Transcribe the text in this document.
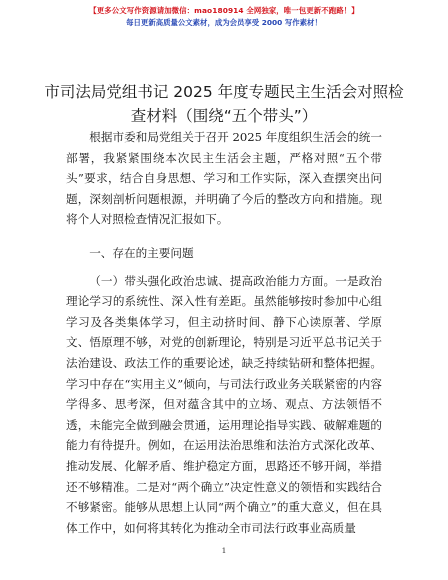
【更多公文写作资源请加微信：mao180914 全网独家，唯一包更新不跑路！】
每日更新高质量公文素材，成为会员享受 2000 写作素材！
市司法局党组书记 2025 年度专题民主生活会对照检查材料（围绕“五个带头”）

根据市委和局党组关于召开 2025 年度组织生活会的统一部署，我紧紧围绕本次民主生活会主题，严格对照“五个带头”要求，结合自身思想、学习和工作实际，深入查摆突出问题，深刻剖析问题根源，并明确了今后的整改方向和措施。现将个人对照检查情况汇报如下。

一、存在的主要问题

（一）带头强化政治忠诚、提高政治能力方面。一是政治理论学习的系统性、深入性有差距。虽然能够按时参加中心组学习及各类集体学习，但主动挤时间、静下心读原著、学原文、悟原理不够，对党的创新理论，特别是习近平总书记关于法治建设、政法工作的重要论述，缺乏持续钻研和整体把握。学习中存在“实用主义”倾向，与司法行政业务关联紧密的内容学得多、思考深，但对蕴含其中的立场、观点、方法领悟不透，未能完全做到融会贯通，运用理论指导实践、破解难题的能力有待提升。例如，在运用法治思维和法治方式深化改革、推动发展、化解矛盾、维护稳定方面，思路还不够开阔，举措还不够精准。二是对“两个确立”决定性意义的领悟和实践结合不够紧密。能够从思想上认同“两个确立”的重大意义，但在具体工作中，如何将其转化为推动全市司法行政事业高质量

1
